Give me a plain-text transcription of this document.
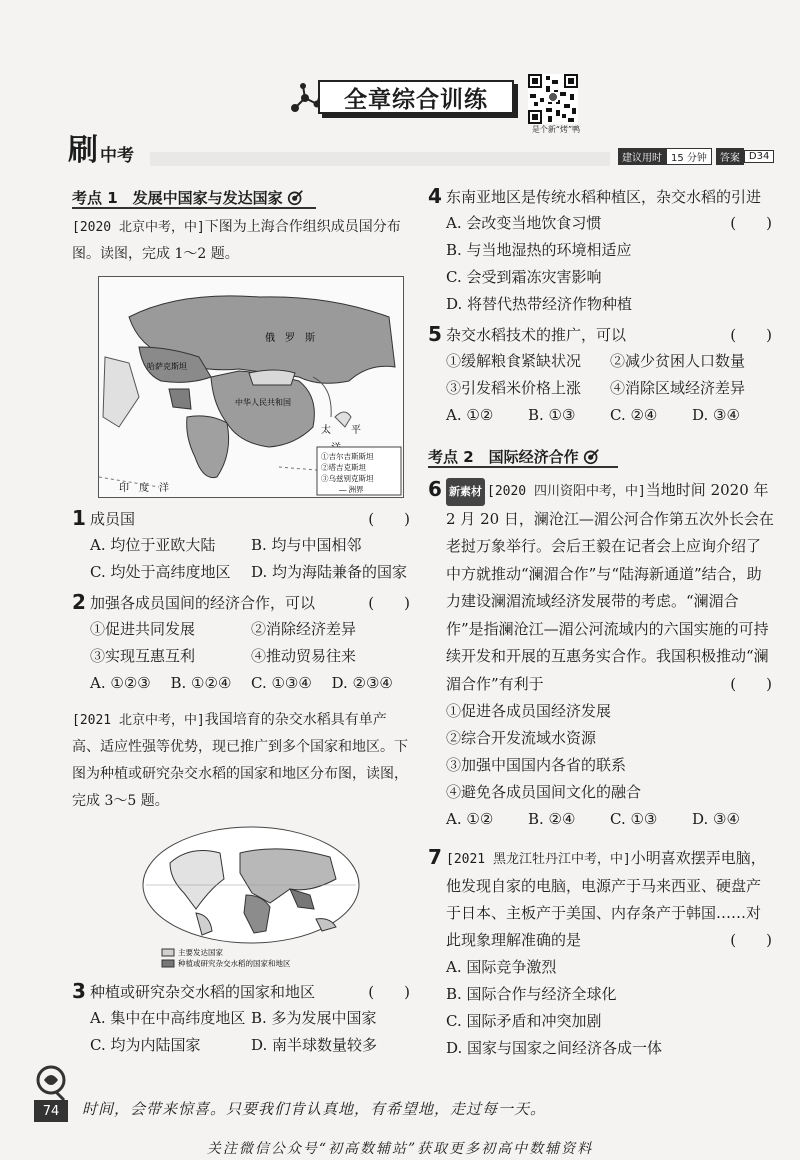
全章综合训练
是个新“烤”鸭
刷 中考	建议用时 15 分钟	答案 D34
考点 1　发展中国家与发达国家
[2020 北京中考，中]下图为上海合作组织成员国分布图。读图，完成 1～2 题。
俄　罗　斯
哈萨克斯坦
中华人民共和国
印　度　洋
太　　平
①吉尔吉斯斯坦
②塔吉克斯坦
③乌兹别克斯坦
— 洲界
1 成员国	(　　)
A. 均位于亚欧大陆	B. 均与中国相邻
C. 均处于高纬度地区	D. 均为海陆兼备的国家
2 加强各成员国间的经济合作，可以	(　　)
①促进共同发展	②消除经济差异
③实现互惠互利	④推动贸易往来
A. ①②③	B. ①②④	C. ①③④	D. ②③④
[2021 北京中考，中]我国培育的杂交水稻具有单产高、适应性强等优势，现已推广到多个国家和地区。下图为种植或研究杂交水稻的国家和地区分布图，读图，完成 3～5 题。
主要发达国家
种植或研究杂交水稻的国家和地区
3 种植或研究杂交水稻的国家和地区	(　　)
A. 集中在中高纬度地区 B. 多为发展中国家
C. 均为内陆国家	D. 南半球数量较多
4 东南亚地区是传统水稻种植区，杂交水稻的引进
(　　)
A. 会改变当地饮食习惯
B. 与当地湿热的环境相适应
C. 会受到霜冻灾害影响
D. 将替代热带经济作物种植
5 杂交水稻技术的推广，可以	(　　)
①缓解粮食紧缺状况	②减少贫困人口数量
③引发稻米价格上涨	④消除区域经济差异
A. ①②	B. ①③	C. ②④	D. ③④
考点 2　国际经济合作
6 新素材 [2020 四川资阳中考，中]当地时间 2020 年 2 月 20 日，澜沧江—湄公河合作第五次外长会在老挝万象举行。会后王毅在记者会上应询介绍了中方就推动“澜湄合作”与“陆海新通道”结合，助力建设澜湄流域经济发展带的考虑。“澜湄合作”是指澜沧江—湄公河流域内的六国实施的可持续开发和开展的互惠务实合作。我国积极推动“澜湄合作”有利于	(　　)
①促进各成员国经济发展
②综合开发流域水资源
③加强中国国内各省的联系
④避免各成员国间文化的融合
A. ①②	B. ②④	C. ①③	D. ③④
7 [2021 黑龙江牡丹江中考，中]小明喜欢摆弄电脑，他发现自家的电脑，电源产于马来西亚、硬盘产于日本、主板产于美国、内存条产于韩国……对此现象理解准确的是	(　　)
A. 国际竞争激烈
B. 国际合作与经济全球化
C. 国际矛盾和冲突加剧
D. 国家与国家之间经济各成一体
74	时间，会带来惊喜。只要我们肯认真地，有希望地，走过每一天。
关注微信公众号“初高数辅站”获取更多初高中数辅资料
